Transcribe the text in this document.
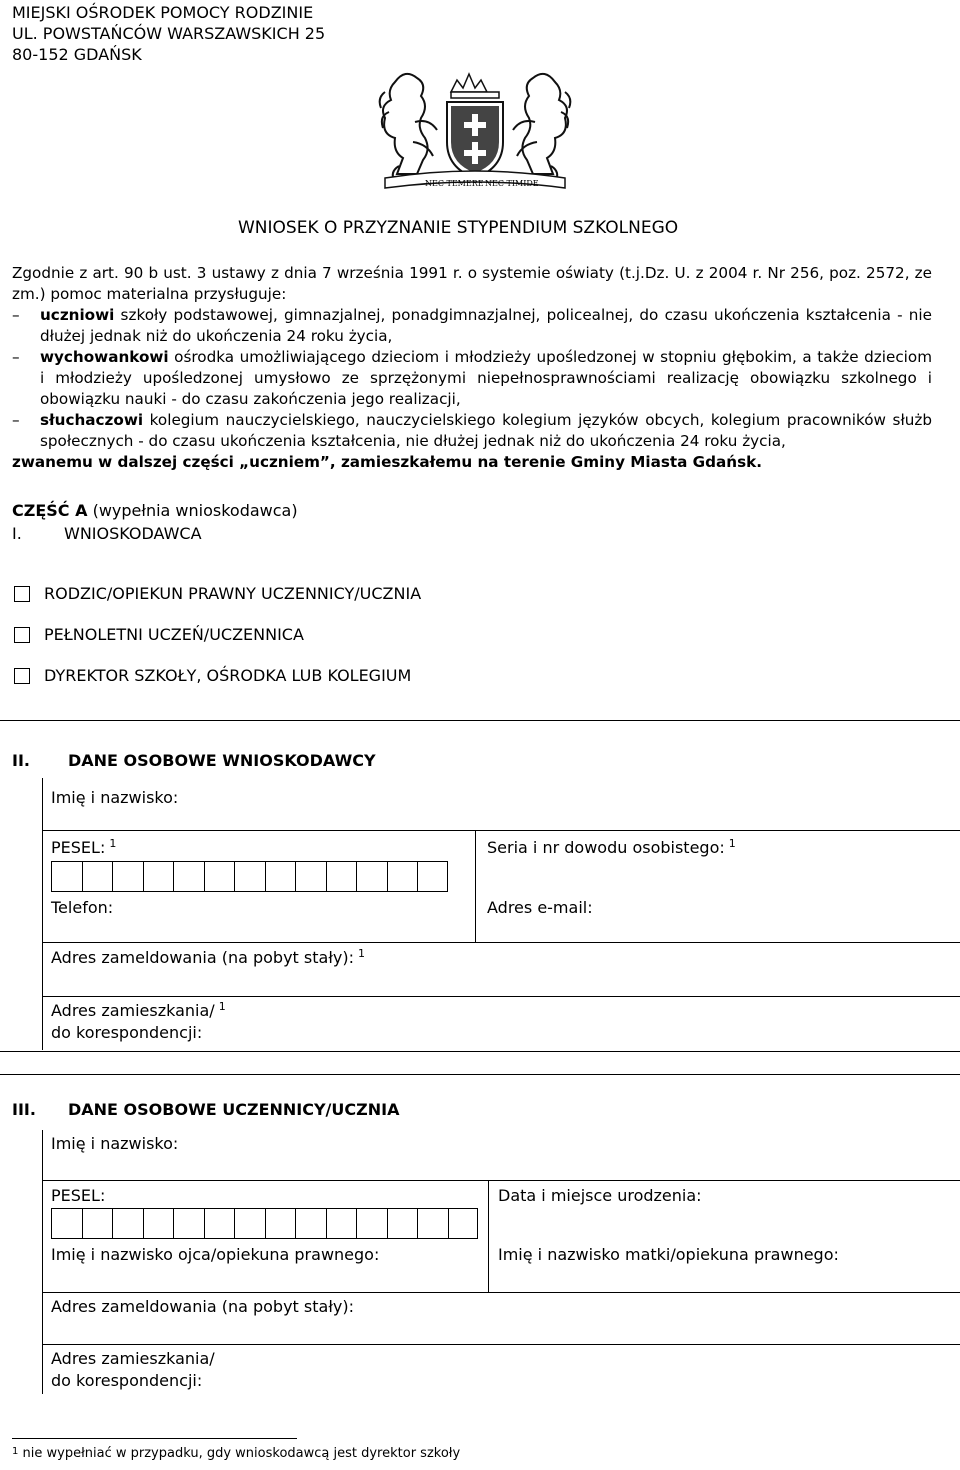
MIEJSKI OŚRODEK POMOCY RODZINIE
UL. POWSTAŃCÓW WARSZAWSKICH 25
80-152 GDAŃSK
NEC TEMERE NEC TIMIDE
WNIOSEK O PRZYZNANIE STYPENDIUM SZKOLNEGO

Zgodnie z art. 90 b ust. 3 ustawy z dnia 7 września 1991 r. o systemie oświaty (t.j.Dz. U. z 2004 r. Nr 256, poz. 2572, ze zm.) pomoc materialna przysługuje:

–	uczniowi szkoły podstawowej, gimnazjalnej, ponadgimnazjalnej, policealnej, do czasu ukończenia kształcenia - nie dłużej jednak niż do ukończenia 24 roku życia,
–	wychowankowi ośrodka umożliwiającego dzieciom i młodzieży upośledzonej w stopniu głębokim, a także dzieciom i młodzieży upośledzonej umysłowo ze sprzężonymi niepełnosprawnościami realizację obowiązku szkolnego i obowiązku nauki - do czasu zakończenia jego realizacji,
–	słuchaczowi kolegium nauczycielskiego, nauczycielskiego kolegium języków obcych, kolegium pracowników służb społecznych - do czasu ukończenia kształcenia, nie dłużej jednak niż do ukończenia 24 roku życia,

zwanemu w dalszej części „uczniem”, zamieszkałemu na terenie Gminy Miasta Gdańsk.

CZĘŚĆ A (wypełnia wnioskodawca)
I.	WNIOSKODAWCA
RODZIC/OPIEKUN PRAWNY UCZENNICY/UCZNIA
PEŁNOLETNI UCZEŃ/UCZENNICA
DYREKTOR SZKOŁY, OŚRODKA LUB KOLEGIUM
II. DANE OSOBOWE WNIOSKODAWCY
Imię i nazwisko:
PESEL: $^1$	Seria i nr dowodu osobistego: $^1$
Telefon:	Adres e-mail:
Adres zameldowania (na pobyt stały): $^1$
Adres zamieszkania/ $^1$
do korespondencji:
III. DANE OSOBOWE UCZENNICY/UCZNIA
Imię i nazwisko:
PESEL:	Data i miejsce urodzenia:
Imię i nazwisko ojca/opiekuna prawnego:	Imię i nazwisko matki/opiekuna prawnego:
Adres zameldowania (na pobyt stały):
Adres zamieszkania/
do korespondencji:
$^1$ nie wypełniać w przypadku, gdy wnioskodawcą jest dyrektor szkoły
